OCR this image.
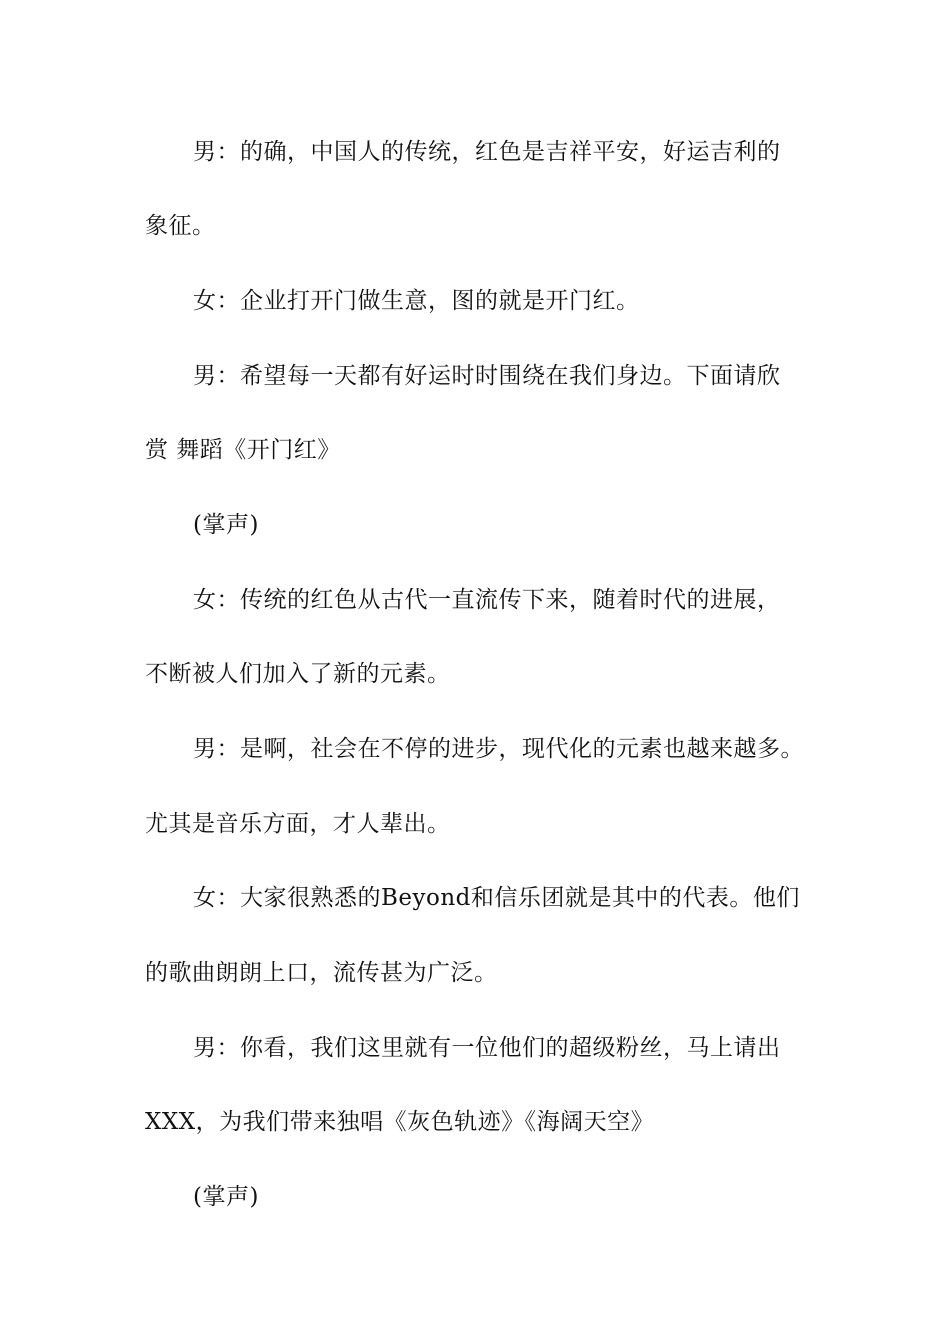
男：的确，中国人的传统，红色是吉祥平安，好运吉利的
象征。
女：企业打开门做生意，图的就是开门红。
男：希望每一天都有好运时时围绕在我们身边。下面请欣
赏 舞蹈《开门红》
(掌声)
女：传统的红色从古代一直流传下来，随着时代的进展，
不断被人们加入了新的元素。
男：是啊，社会在不停的进步，现代化的元素也越来越多。
尤其是音乐方面，才人辈出。
女：大家很熟悉的Beyond和信乐团就是其中的代表。他们
的歌曲朗朗上口，流传甚为广泛。
男：你看，我们这里就有一位他们的超级粉丝，马上请出
XXX，为我们带来独唱《灰色轨迹》《海阔天空》
(掌声)
